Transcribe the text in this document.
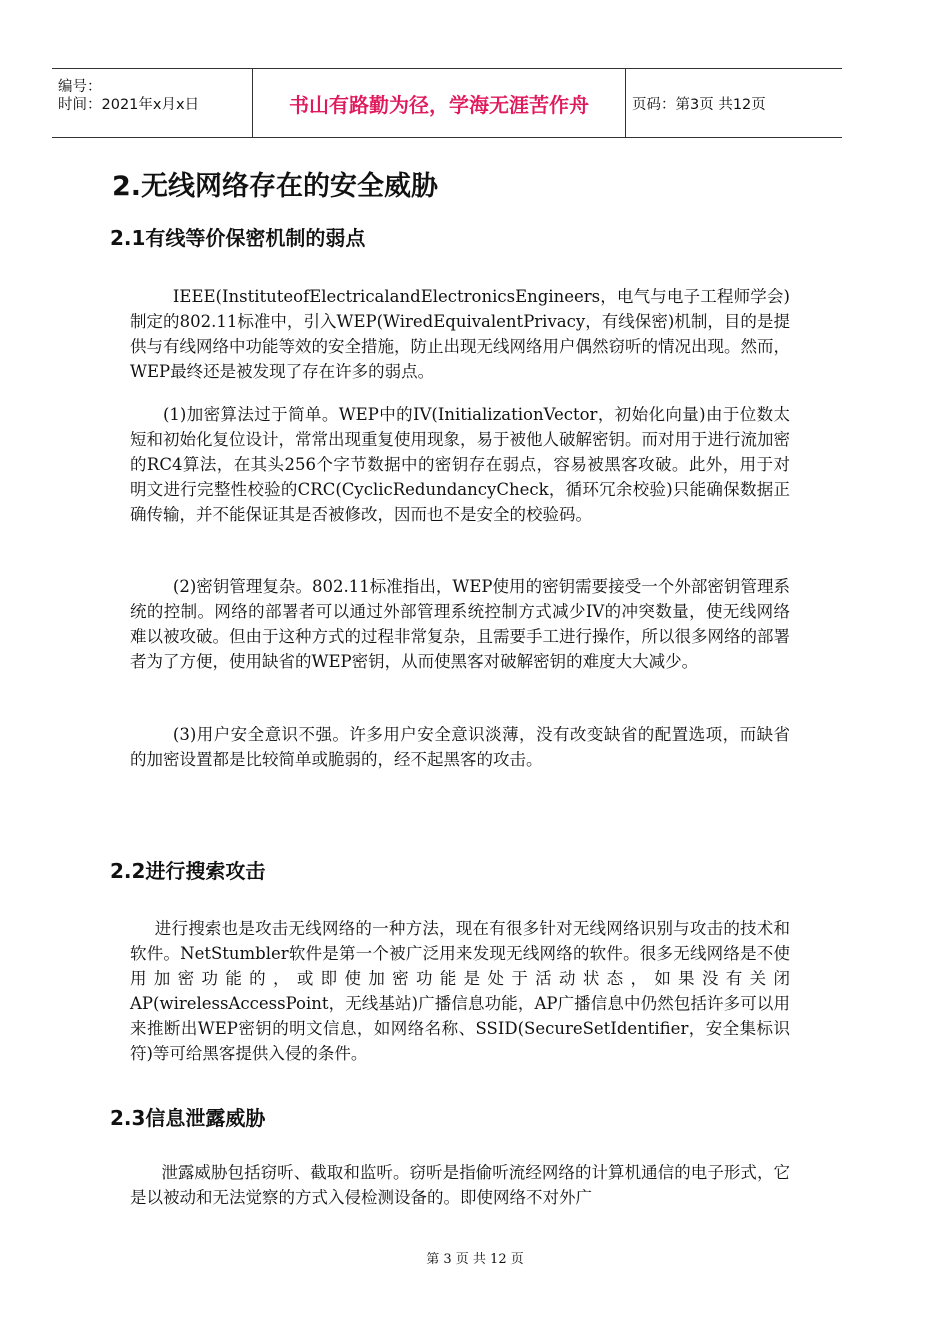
编号：
时间：2021年x月x日	书山有路勤为径，学海无涯苦作舟	页码：第3页 共12页
2.无线网络存在的安全威胁
2.1有线等价保密机制的弱点

IEEE(InstituteofElectricalandElectronicsEngineers，电气与电子工程师学会)制定的802.11标准中，引入WEP(WiredEquivalentPrivacy，有线保密)机制，目的是提供与有线网络中功能等效的安全措施，防止出现无线网络用户偶然窃听的情况出现。然而，WEP最终还是被发现了存在许多的弱点。

(1)加密算法过于简单。WEP中的IV(InitializationVector，初始化向量)由于位数太短和初始化复位设计，常常出现重复使用现象，易于被他人破解密钥。而对用于进行流加密的RC4算法，在其头256个字节数据中的密钥存在弱点，容易被黑客攻破。此外，用于对明文进行完整性校验的CRC(CyclicRedundancyCheck，循环冗余校验)只能确保数据正确传输，并不能保证其是否被修改，因而也不是安全的校验码。

(2)密钥管理复杂。802.11标准指出，WEP使用的密钥需要接受一个外部密钥管理系统的控制。网络的部署者可以通过外部管理系统控制方式减少IV的冲突数量，使无线网络难以被攻破。但由于这种方式的过程非常复杂，且需要手工进行操作，所以很多网络的部署者为了方便，使用缺省的WEP密钥，从而使黑客对破解密钥的难度大大减少。

(3)用户安全意识不强。许多用户安全意识淡薄，没有改变缺省的配置选项，而缺省的加密设置都是比较简单或脆弱的，经不起黑客的攻击。

2.2进行搜索攻击

进行搜索也是攻击无线网络的一种方法，现在有很多针对无线网络识别与攻击的技术和软件。NetStumbler软件是第一个被广泛用来发现无线网络的软件。很多无线网络是不使用加密功能的，或即使加密功能是处于活动状态，如果没有关闭AP(wirelessAccessPoint，无线基站)广播信息功能，AP广播信息中仍然包括许多可以用来推断出WEP密钥的明文信息，如网络名称、SSID(SecureSetIdentifier，安全集标识符)等可给黑客提供入侵的条件。

2.3信息泄露威胁

泄露威胁包括窃听、截取和监听。窃听是指偷听流经网络的计算机通信的电子形式，它是以被动和无法觉察的方式入侵检测设备的。即使网络不对外广

第 3 页 共 12 页
